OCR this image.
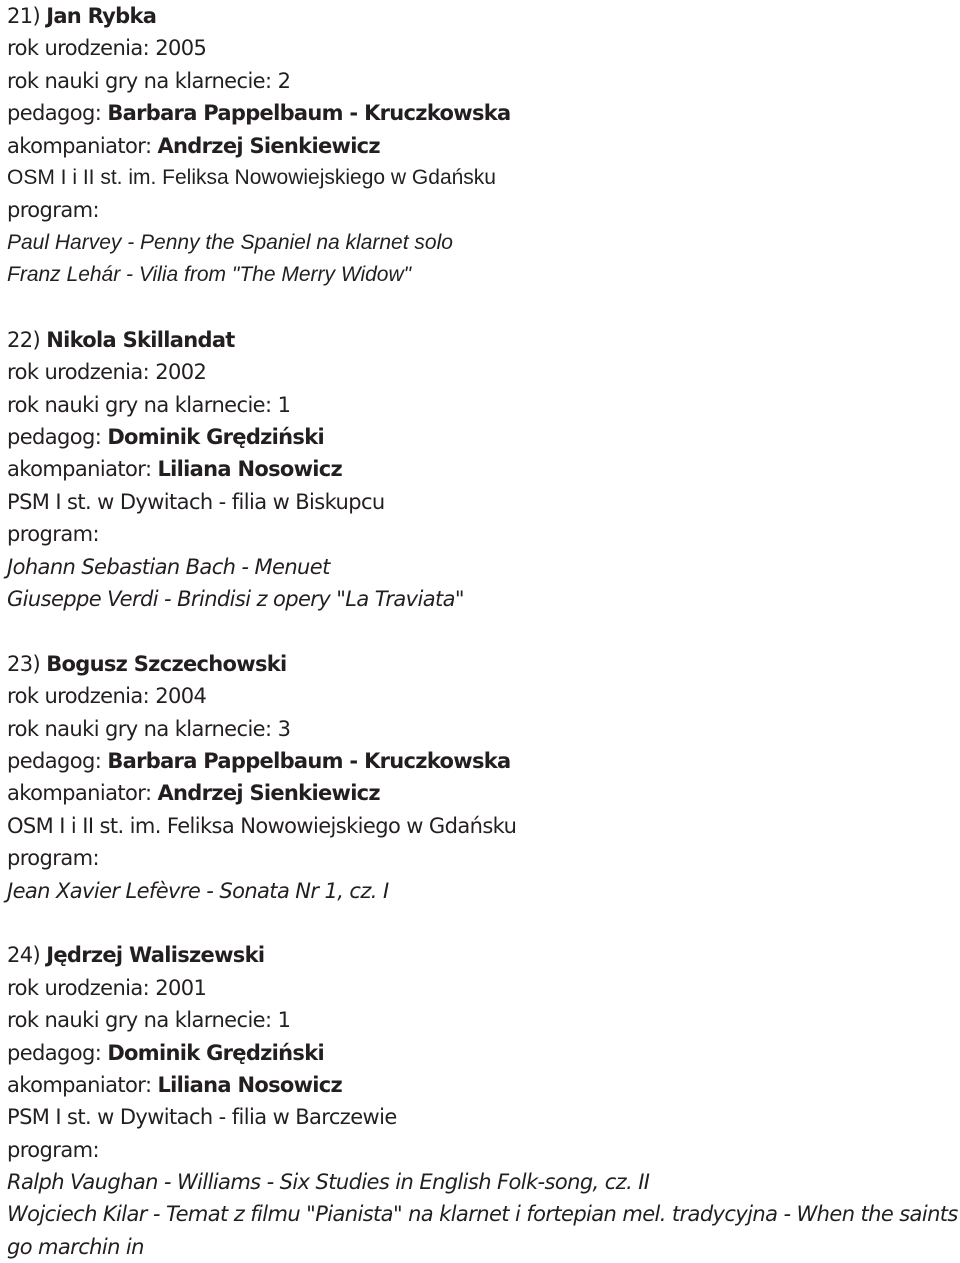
21) Jan Rybka
rok urodzenia: 2005
rok nauki gry na klarnecie: 2
pedagog: Barbara Pappelbaum - Kruczkowska
akompaniator: Andrzej Sienkiewicz
OSM I i II st. im. Feliksa Nowowiejskiego w Gdańsku
program:
Paul Harvey - Penny the Spaniel na klarnet solo
Franz Lehár - Vilia from "The Merry Widow"
22) Nikola Skillandat
rok urodzenia: 2002
rok nauki gry na klarnecie: 1
pedagog: Dominik Grędziński
akompaniator: Liliana Nosowicz
PSM I st. w Dywitach - filia w Biskupcu
program:
Johann Sebastian Bach - Menuet
Giuseppe Verdi - Brindisi z opery "La Traviata"
23) Bogusz Szczechowski
rok urodzenia: 2004
rok nauki gry na klarnecie: 3
pedagog: Barbara Pappelbaum - Kruczkowska
akompaniator: Andrzej Sienkiewicz
OSM I i II st. im. Feliksa Nowowiejskiego w Gdańsku
program:
Jean Xavier Lefèvre - Sonata Nr 1, cz. I
24) Jędrzej Waliszewski
rok urodzenia: 2001
rok nauki gry na klarnecie: 1
pedagog: Dominik Grędziński
akompaniator: Liliana Nosowicz
PSM I st. w Dywitach - filia w Barczewie
program:
Ralph Vaughan - Williams - Six Studies in English Folk-song, cz. II
Wojciech Kilar - Temat z filmu "Pianista" na klarnet i fortepian mel. tradycyjna - When the saints go marchin in
